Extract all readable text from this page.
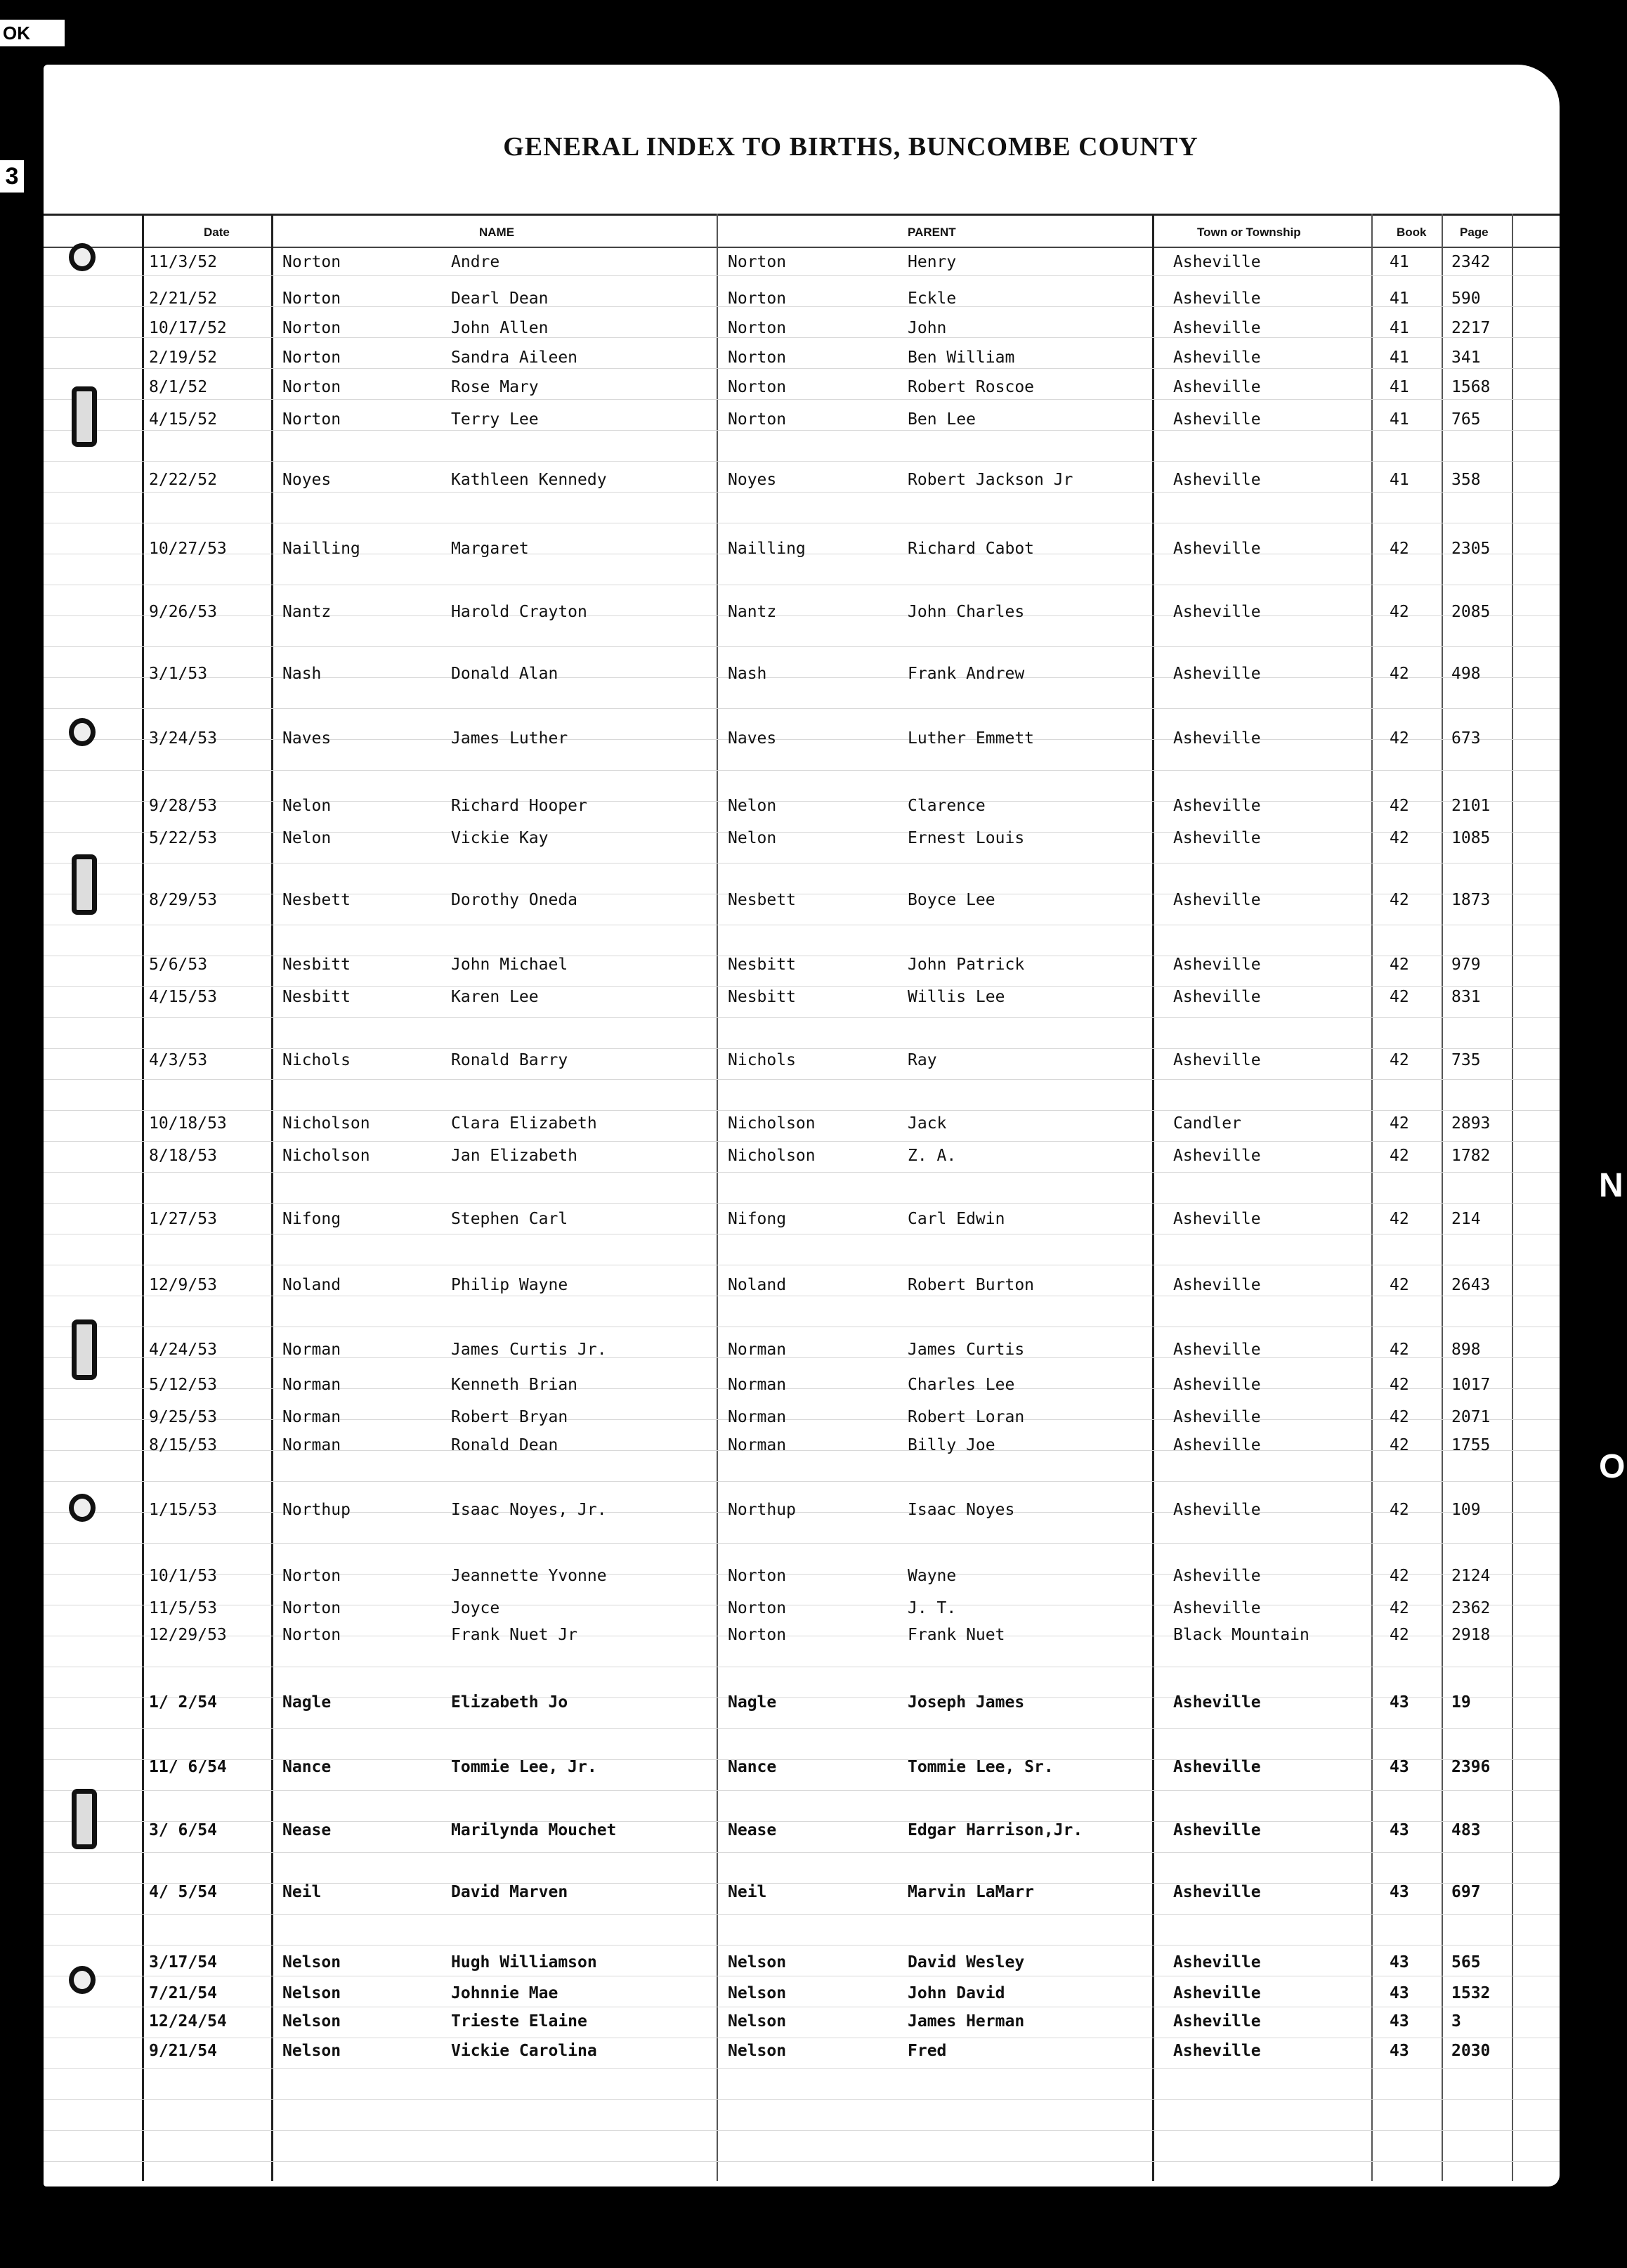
OK
3
GENERAL INDEX TO BIRTHS, BUNCOMBE COUNTY
Date	NAME	PARENT	Town or Township	Book	Page
11/3/52	Norton	Andre	Norton	Henry	Asheville	41	2342
2/21/52	Norton	Dearl Dean	Norton	Eckle	Asheville	41	590
10/17/52	Norton	John Allen	Norton	John	Asheville	41	2217
2/19/52	Norton	Sandra Aileen	Norton	Ben William	Asheville	41	341
8/1/52	Norton	Rose Mary	Norton	Robert Roscoe	Asheville	41	1568
4/15/52	Norton	Terry Lee	Norton	Ben Lee	Asheville	41	765
2/22/52	Noyes	Kathleen Kennedy	Noyes	Robert Jackson Jr	Asheville	41	358
10/27/53	Nailling	Margaret	Nailling	Richard Cabot	Asheville	42	2305
9/26/53	Nantz	Harold Crayton	Nantz	John Charles	Asheville	42	2085
3/1/53	Nash	Donald Alan	Nash	Frank Andrew	Asheville	42	498
3/24/53	Naves	James Luther	Naves	Luther Emmett	Asheville	42	673
9/28/53	Nelon	Richard Hooper	Nelon	Clarence	Asheville	42	2101
5/22/53	Nelon	Vickie Kay	Nelon	Ernest Louis	Asheville	42	1085
8/29/53	Nesbett	Dorothy Oneda	Nesbett	Boyce Lee	Asheville	42	1873
5/6/53	Nesbitt	John Michael	Nesbitt	John Patrick	Asheville	42	979
4/15/53	Nesbitt	Karen Lee	Nesbitt	Willis Lee	Asheville	42	831
4/3/53	Nichols	Ronald Barry	Nichols	Ray	Asheville	42	735
10/18/53	Nicholson	Clara Elizabeth	Nicholson	Jack	Candler	42	2893
8/18/53	Nicholson	Jan Elizabeth	Nicholson	Z. A.	Asheville	42	1782
1/27/53	Nifong	Stephen Carl	Nifong	Carl Edwin	Asheville	42	214
12/9/53	Noland	Philip Wayne	Noland	Robert Burton	Asheville	42	2643
4/24/53	Norman	James Curtis Jr.	Norman	James Curtis	Asheville	42	898
5/12/53	Norman	Kenneth Brian	Norman	Charles Lee	Asheville	42	1017
9/25/53	Norman	Robert Bryan	Norman	Robert Loran	Asheville	42	2071
8/15/53	Norman	Ronald Dean	Norman	Billy Joe	Asheville	42	1755
1/15/53	Northup	Isaac Noyes, Jr.	Northup	Isaac Noyes	Asheville	42	109
10/1/53	Norton	Jeannette Yvonne	Norton	Wayne	Asheville	42	2124
11/5/53	Norton	Joyce	Norton	J. T.	Asheville	42	2362
12/29/53	Norton	Frank Nuet Jr	Norton	Frank Nuet	Black Mountain	42	2918
1/ 2/54	Nagle	Elizabeth Jo	Nagle	Joseph James	Asheville	43	19
11/ 6/54	Nance	Tommie Lee, Jr.	Nance	Tommie Lee, Sr.	Asheville	43	2396
3/ 6/54	Nease	Marilynda Mouchet	Nease	Edgar Harrison,Jr.	Asheville	43	483
4/ 5/54	Neil	David Marven	Neil	Marvin LaMarr	Asheville	43	697
3/17/54	Nelson	Hugh Williamson	Nelson	David Wesley	Asheville	43	565
7/21/54	Nelson	Johnnie Mae	Nelson	John David	Asheville	43	1532
12/24/54	Nelson	Trieste Elaine	Nelson	James Herman	Asheville	43	3
9/21/54	Nelson	Vickie Carolina	Nelson	Fred	Asheville	43	2030
N
O
